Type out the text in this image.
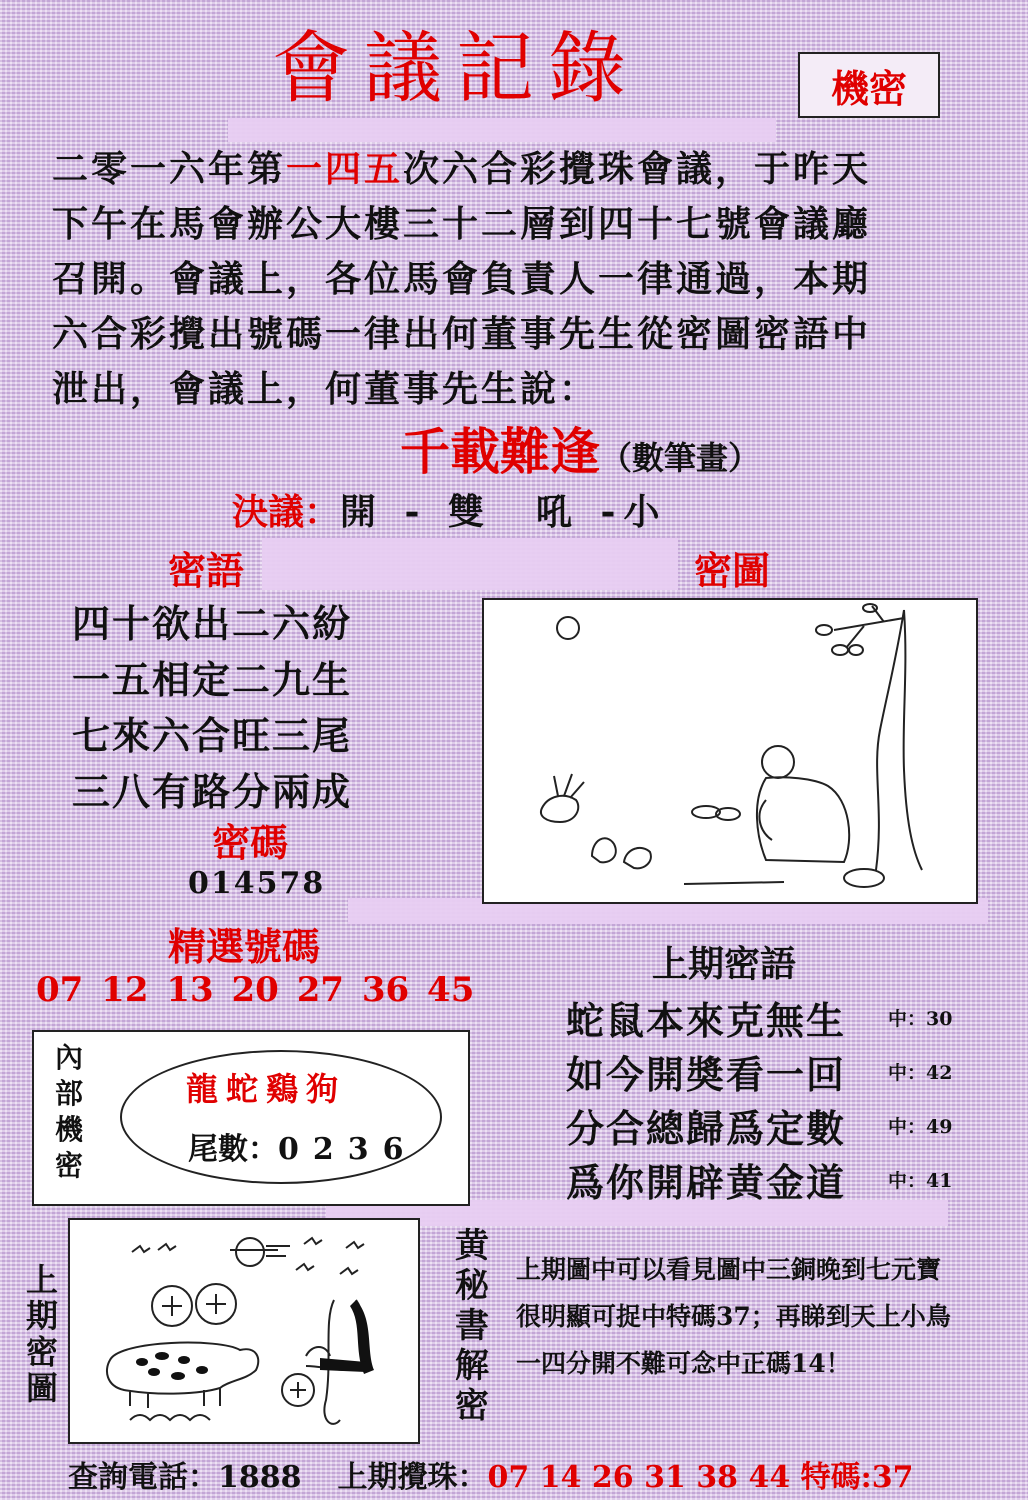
會議記錄	機密

二零一六年第一四五次六合彩攪珠會議，于昨天

下午在馬會辦公大樓三十二層到四十七號會議廳

召開。會議上，各位馬會負責人一律通過，本期

六合彩攪出號碼一律出何董事先生從密圖密語中

泄出，會議上，何董事先生說：

千載難逢（數筆畫）
決議：開 - 雙　吼 -小
密語	密圖
四十欲出二六紛
一五相定二九生
七來六合旺三尾
三八有路分兩成
密碼
014578
精選號碼
07 12 13 20 27 36 45
上期密語
蛇鼠本來克無生 中：30
如今開奬看一回 中：42
分合總歸爲定數 中：49
爲你開辟黄金道 中：41
內
部
機
密
龍蛇鷄狗
尾數：0236
上
期
密
圖
黄
秘
書
解
密
上期圖中可以看見圖中三銅晚到七元寶很明顯可捉中特碼37；再睇到天上小鳥一四分開不難可念中正碼14！
查詢電話：1888 上期攪珠：07 14 26 31 38 44 特碼:37
